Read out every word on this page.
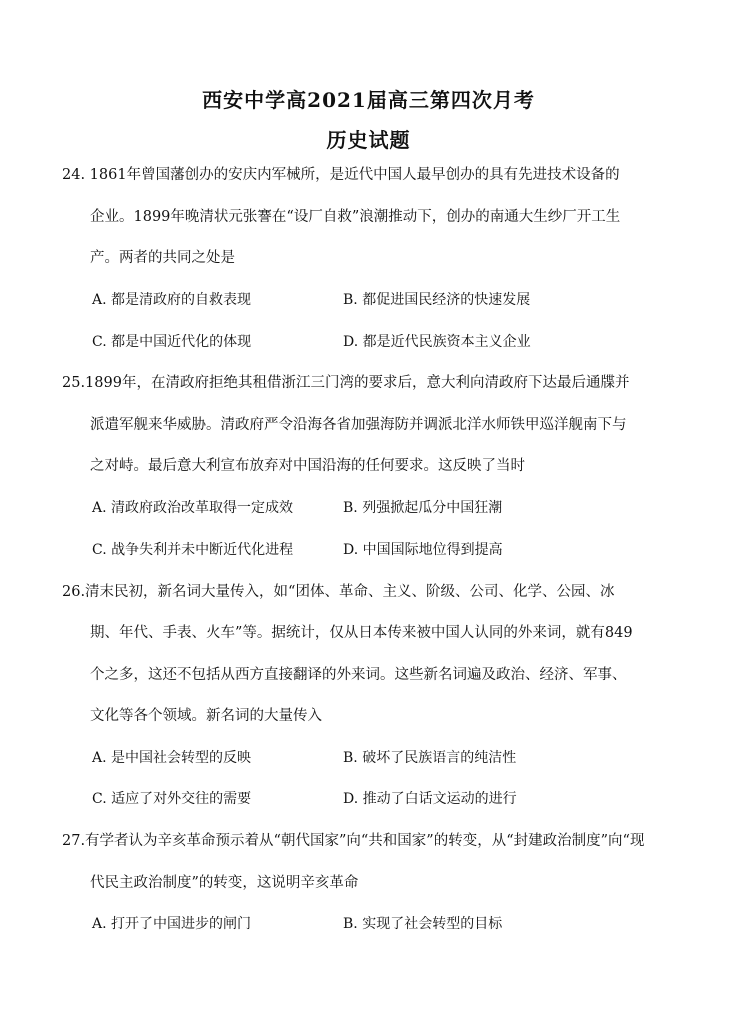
西安中学高2021届高三第四次月考
历史试题
24. 1861年曾国藩创办的安庆内军械所，是近代中国人最早创办的具有先进技术设备的
企业。1899年晚清状元张謇在“设厂自救”浪潮推动下，创办的南通大生纱厂开工生
产。两者的共同之处是
A. 都是清政府的自救表现	B. 都促进国民经济的快速发展
C. 都是中国近代化的体现	D. 都是近代民族资本主义企业
25.1899年，在清政府拒绝其租借浙江三门湾的要求后，意大利向清政府下达最后通牒并
派遣军舰来华威胁。清政府严令沿海各省加强海防并调派北洋水师铁甲巡洋舰南下与
之对峙。最后意大利宣布放弃对中国沿海的任何要求。这反映了当时
A. 清政府政治改革取得一定成效	B. 列强掀起瓜分中国狂潮
C. 战争失利并未中断近代化进程	D. 中国国际地位得到提高
26.清末民初，新名词大量传入，如“团体、革命、主义、阶级、公司、化学、公园、冰
期、年代、手表、火车”等。据统计，仅从日本传来被中国人认同的外来词，就有849
个之多，这还不包括从西方直接翻译的外来词。这些新名词遍及政治、经济、军事、
文化等各个领域。新名词的大量传入
A. 是中国社会转型的反映	B. 破坏了民族语言的纯洁性
C. 适应了对外交往的需要	D. 推动了白话文运动的进行
27.有学者认为辛亥革命预示着从“朝代国家”向“共和国家”的转变，从“封建政治制度”向“现
代民主政治制度”的转变，这说明辛亥革命
A. 打开了中国进步的闸门	B. 实现了社会转型的目标
